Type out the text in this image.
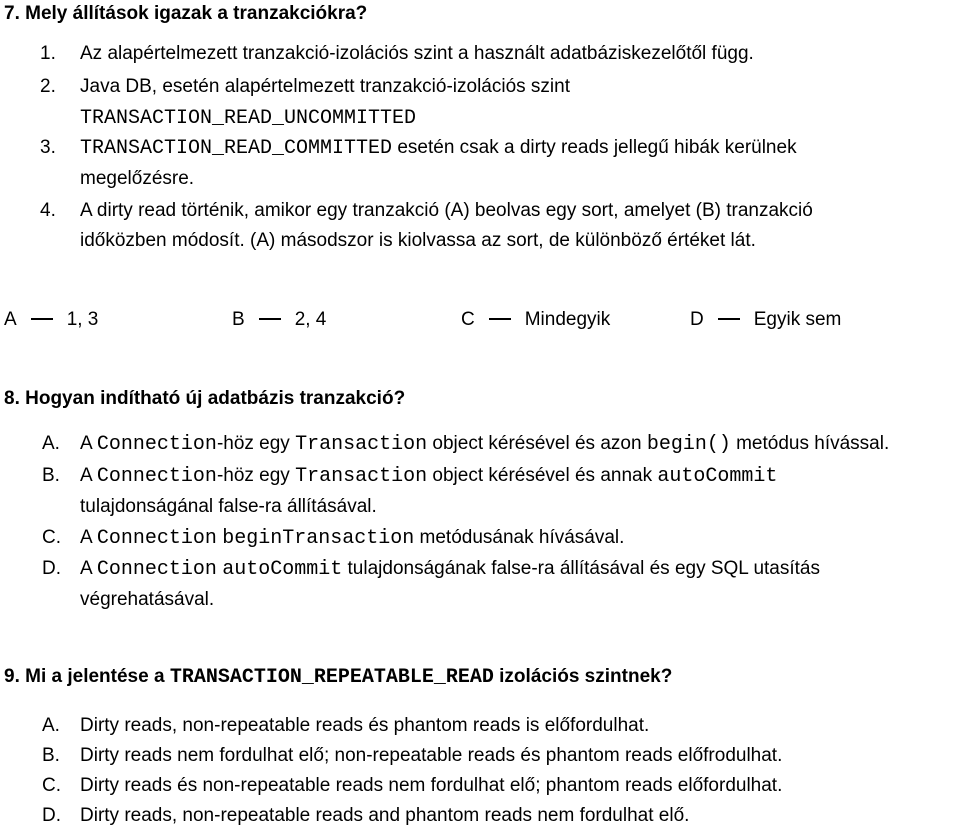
7. Mely állítások igazak a tranzakciókra?
1. Az alapértelmezett tranzakció-izolációs szint a használt adatbáziskezelőtől függ.
2. Java DB, esetén alapértelmezett tranzakció-izolációs szint
TRANSACTION_READ_UNCOMMITTED
3. TRANSACTION_READ_COMMITTED esetén csak a dirty reads jellegű hibák kerülnek
megelőzésre.
4. A dirty read történik, amikor egy tranzakció (A) beolvas egy sort, amelyet (B) tranzakció
időközben módosít. (A) másodszor is kiolvassa az sort, de különböző értéket lát.
A	1, 3	B	2, 4	C	Mindegyik	D	Egyik sem
8. Hogyan indítható új adatbázis tranzakció?
A. A Connection-höz egy Transaction object kérésével és azon begin() metódus hívással.
B. A Connection-höz egy Transaction object kérésével és annak autoCommit
tulajdonságánal false-ra állításával.
C. A Connection beginTransaction metódusának hívásával.
D. A Connection autoCommit tulajdonságának false-ra állításával és egy SQL utasítás
végrehatásával.
9. Mi a jelentése a TRANSACTION_REPEATABLE_READ izolációs szintnek?
A. Dirty reads, non-repeatable reads és phantom reads is előfordulhat.
B. Dirty reads nem fordulhat elő; non-repeatable reads és phantom reads előfrodulhat.
C. Dirty reads és non-repeatable reads nem fordulhat elő; phantom reads előfordulhat.
D. Dirty reads, non-repeatable reads and phantom reads nem fordulhat elő.
